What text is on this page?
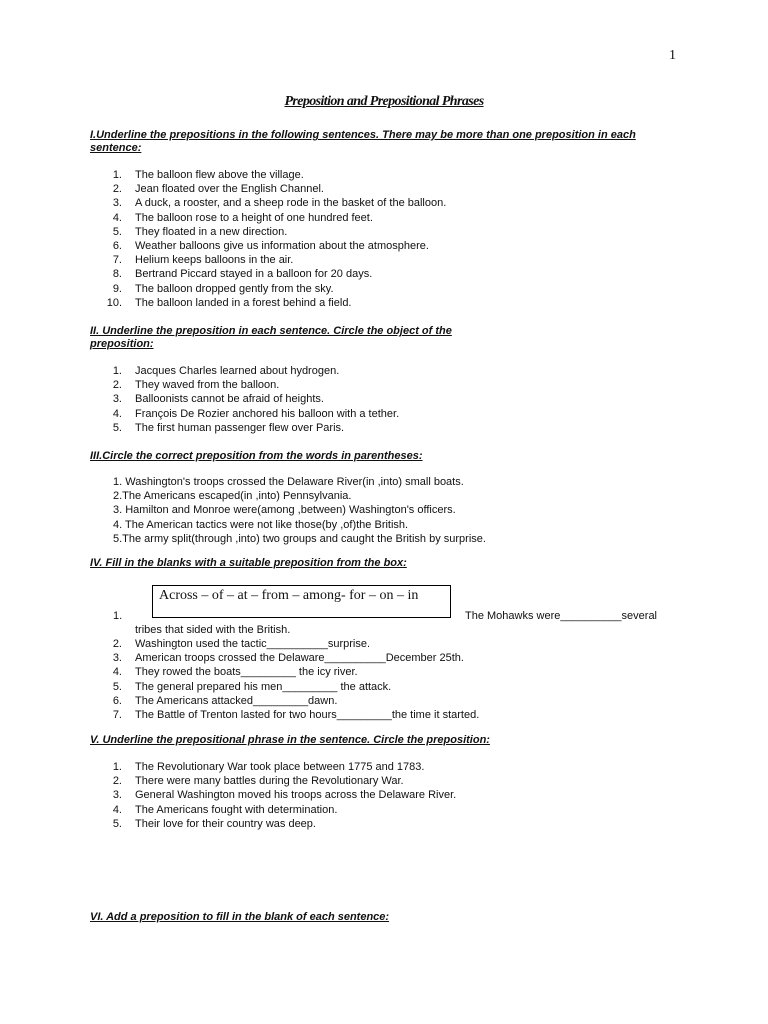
1
Preposition and Prepositional Phrases
I.Underline the prepositions in the following sentences. There may be more than one preposition in each
sentence:
1. The balloon flew above the village.
2. Jean floated over the English Channel.
3. A duck, a rooster, and a sheep rode in the basket of the balloon.
4. The balloon rose to a height of one hundred feet.
5. They floated in a new direction.
6. Weather balloons give us information about the atmosphere.
7. Helium keeps balloons in the air.
8. Bertrand Piccard stayed in a balloon for 20 days.
9. The balloon dropped gently from the sky.
10. The balloon landed in a forest behind a field.
II. Underline the preposition in each sentence. Circle the object of the
preposition:
1. Jacques Charles learned about hydrogen.
2. They waved from the balloon.
3. Balloonists cannot be afraid of heights.
4. François De Rozier anchored his balloon with a tether.
5. The first human passenger flew over Paris.
III.Circle the correct preposition from the words in parentheses:
1. Washington's troops crossed the Delaware River(in ,into) small boats.
2.The Americans escaped(in ,into) Pennsylvania.
3. Hamilton and Monroe were(among ,between) Washington's officers.
4. The American tactics were not like those(by ,of)the British.
5.The army split(through ,into) two groups and caught the British by surprise.
IV. Fill in the blanks with a suitable preposition from the box:
Across – of – at – from – among- for – on – in
1.	The Mohawks were__________several
tribes that sided with the British.
2. Washington used the tactic__________surprise.
3. American troops crossed the Delaware__________December 25th.
4. They rowed the boats_________ the icy river.
5. The general prepared his men_________ the attack.
6. The Americans attacked_________dawn.
7. The Battle of Trenton lasted for two hours_________the time it started.
V. Underline the prepositional phrase in the sentence. Circle the preposition:
1. The Revolutionary War took place between 1775 and 1783.
2. There were many battles during the Revolutionary War.
3. General Washington moved his troops across the Delaware River.
4. The Americans fought with determination.
5. Their love for their country was deep.
VI. Add a preposition to fill in the blank of each sentence:
